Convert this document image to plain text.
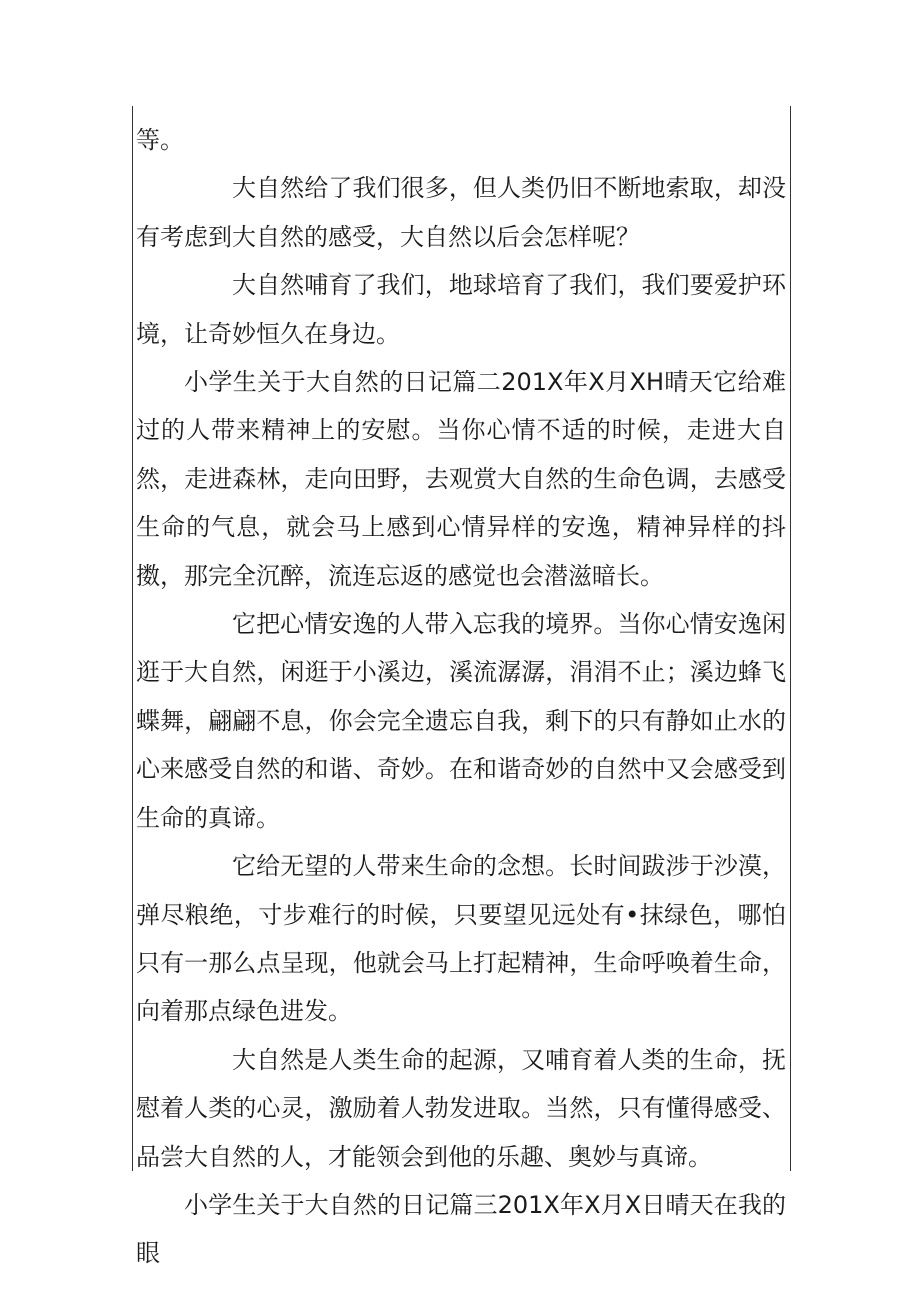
等。

大自然给了我们很多，但人类仍旧不断地索取，却没有考虑到大自然的感受，大自然以后会怎样呢？

大自然哺育了我们，地球培育了我们，我们要爱护环境，让奇妙恒久在身边。

小学生关于大自然的日记篇二201X年X月XH晴天它给难过的人带来精神上的安慰。当你心情不适的时候，走进大自然，走进森林，走向田野，去观赏大自然的生命色调，去感受生命的气息，就会马上感到心情异样的安逸，精神异样的抖擞，那完全沉醉，流连忘返的感觉也会潜滋暗长。

它把心情安逸的人带入忘我的境界。当你心情安逸闲逛于大自然，闲逛于小溪边，溪流潺潺，涓涓不止；溪边蜂飞蝶舞，翩翩不息，你会完全遗忘自我，剩下的只有静如止水的心来感受自然的和谐、奇妙。在和谐奇妙的自然中又会感受到生命的真谛。

它给无望的人带来生命的念想。长时间跋涉于沙漠，弹尽粮绝，寸步难行的时候，只要望见远处有•抹绿色，哪怕只有一那么点呈现，他就会马上打起精神，生命呼唤着生命，向着那点绿色进发。

大自然是人类生命的起源，又哺育着人类的生命，抚慰着人类的心灵，激励着人勃发进取。当然，只有懂得感受、品尝大自然的人，才能领会到他的乐趣、奥妙与真谛。

小学生关于大自然的日记篇三201X年X月X日晴天在我的眼
